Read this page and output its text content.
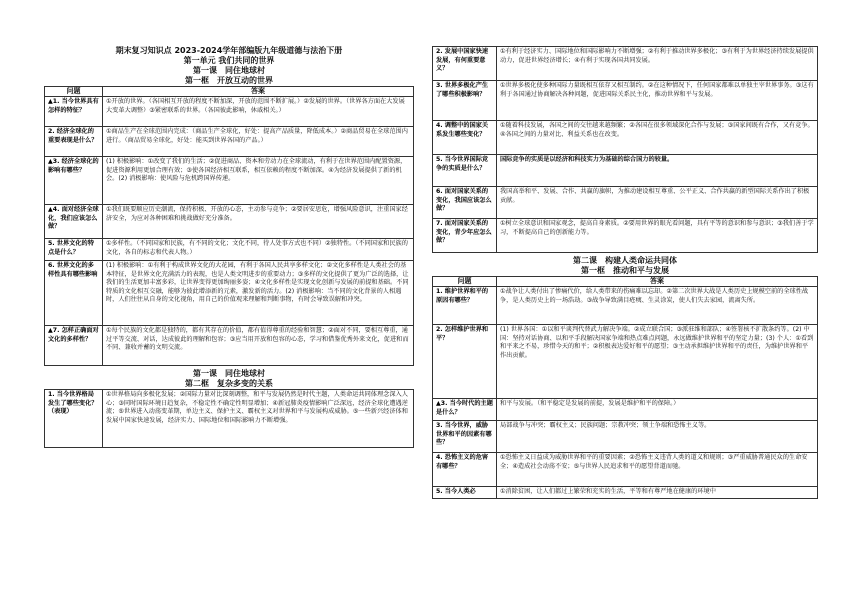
期末复习知识点 2023-2024学年部编版九年级道德与法治下册

第一单元 我们共同的世界

第一课　同住地球村

第一框　开放互动的世界

问题	答案
▲1. 当今世界具有怎样的特征？	①开放的世界。（各国相互开放的程度不断加深，开放的范围不断扩展。）②发展的世界。（世界各方面在大发展大变革大调整）③紧密联系的世界。（各国彼此影响，休戚相关。）
2. 经济全球化的重要表现是什么？	①商品生产在全球范围内完成：（商品生产全球化，好处：提高产品质量，降低成本。）②商品贸易在全球范围内进行。（商品贸易全球化，好处：能买到世界各国的产品。）
▲3. 经济全球化的影响有哪些？	(1) 积极影响：①改变了我们的生活；②促进商品、资本和劳动力在全球流动，有利于在世界范围内配置资源，促进资源利用更加合理有效；③使各国经济相互联系，相互依赖的程度不断加深。④为经济发展提供了新的机会。(2) 消极影响：使风险与危机跨国界传递。
▲4. 面对经济全球化，我们应该怎么做？	①我们既要顺应历史潮流，保持积极、开放的心态，主动参与竞争；②要居安思危，增强风险意识，注重国家经济安全，为应对各种困难和挑战做好充分准备。
5. 世界文化的特点是什么？	①多样性。（不同国家和民族，有不同的文化；文化不同，待人处事方式也不同）②独特性。（不同国家和民族的文化，各自的标志和代表人物。）
6. 世界文化的多样性具有哪些影响	(1) 积极影响：①有利于构成世界文化的大花园，有利于各国人民共享多样文化；②文化多样性是人类社会的基本特征，是世界文化充满活力的表现，也是人类文明进步的重要动力；③多样的文化提供了更为广泛的选择，让我们的生活更加丰富多彩，让世界变得更加绚丽多姿；④文化多样性是实现文化创新与发展的前提和基础。不同特质的文化相互交融，能够为彼此增添新的元素，激发新的活力。(2) 消极影响：当不同的文化背景的人相遇时，人们往往从自身的文化视角，用自己的价值观来理解和判断事物，有时会导致误解和冲突。
▲7. 怎样正确面对文化的多样性？	①每个民族的文化都是独特的，都有其存在的价值，都有值得尊重的经验和智慧；②面对不同，要相互尊重，通过平等交流、对话，达成彼此的理解和包容；③应当用开放和包容的心态，学习和借鉴优秀外来文化，促进和而不同、兼收并蓄的文明交流。

第一课　同住地球村

第二框　复杂多变的关系

1. 当今世界格局发生了哪些变化？（表现）	①世界格局向多极化发展；②国际力量对比深刻调整，和平与发展仍然是时代主题，人类命运共同体理念深入人心；③同时国际环境日趋复杂，不稳定性不确定性明显增加；④新冠肺炎疫情影响广泛深远，经济全球化遭遇逆流；⑤世界进入动荡变革期，单边主义、保护主义、霸权主义对世界和平与发展构成威胁。⑤一些新兴经济体和发展中国家快速发展，经济实力、国际地位和国际影响力不断增强。
2. 发展中国家快速发展，有何重要意义？	①有利于经济实力、国际地位和国际影响力不断增强；②有利于推动世界多极化；③有利于为世界经济持续发展提供动力，促进世界经济增长；④有利于实现各国共同发展。
3. 世界多极化产生了哪些积极影响？	①世界多极化使多种国际力量既相互依存又相互制约。②在这种情况下，任何国家都难以单独主宰世界事务。③这有利于各国通过协商解决各种问题，促进国际关系民主化，推动世界和平与发展。
4. 调整中的国家关系发生哪些变化？	①随着科技发展，各国之间的交往越来越频繁；②各国在很多领域深化合作与发展；③国家间既有合作，又有竞争。④各国之间的力量对比、利益关系也在改变。
5. 当今世界国际竞争的实质是什么？	国际竞争的实质是以经济和科技实力为基础的综合国力的较量。
6. 面对国家关系的变化，我国应该怎么做？	我国高举和平、发展、合作、共赢的旗帜，为推动建设相互尊重、公平正义、合作共赢的新型国际关系作出了积极贡献。
7. 面对国家关系的变化，青少年应怎么做？	①树立全球意识和国家观念，提高自身素质。②要用世界的眼光看问题，具有平等的意识和参与意识；③我们善于学习，不断提高自己的创新能力等。

第二课　构建人类命运共同体

第一框　推动和平与发展

问题	答案
1. 维护世界和平的原因有哪些？	①战争让人类付出了惨痛代价，给人类带来的伤痛难以忘却。②第二次世界大战是人类历史上规模空前的全球性战争，是人类历史上的一场浩劫。③战争导致满目疮痍、生灵涂炭，使人们失去家园，流离失所。
2. 怎样维护世界和平？	(1) 世界各国：①以和平谈判代替武力解决争端。②成立联合国；③派驻维和部队；④签署核不扩散条约等。(2) 中国：坚持对话协商、以和平手段解决国家争端和热点难点问题，永远做维护世界和平的坚定力量；(3) 个人：①看到和平来之不易，珍惜今天的和平；②积极表达爱好和平的愿望；③主动承担维护世界和平的责任，为维护世界和平作出贡献。
▲3. 当今时代的主题是什么？	和平与发展。（和平稳定是发展的前提，发展是维护和平的保障。）
3. 当今世界，威胁世界和平的因素有哪些？	局部战争与冲突；霸权主义；民族问题；宗教冲突；领土争端和恐怖主义等。
4. 恐怖主义的危害有哪些？	①恐怖主义日益成为威胁世界和平的重要因素；②恐怖主义违背人类的道义和规则；③严重威胁普通民众的生命安全；④造成社会动荡不安；⑤与世界人民追求和平的愿望背道而驰。
5. 当今人类必	①消除贫困，让人们都过上繁荣和充实的生活，平等和有尊严地在健康的环境中
